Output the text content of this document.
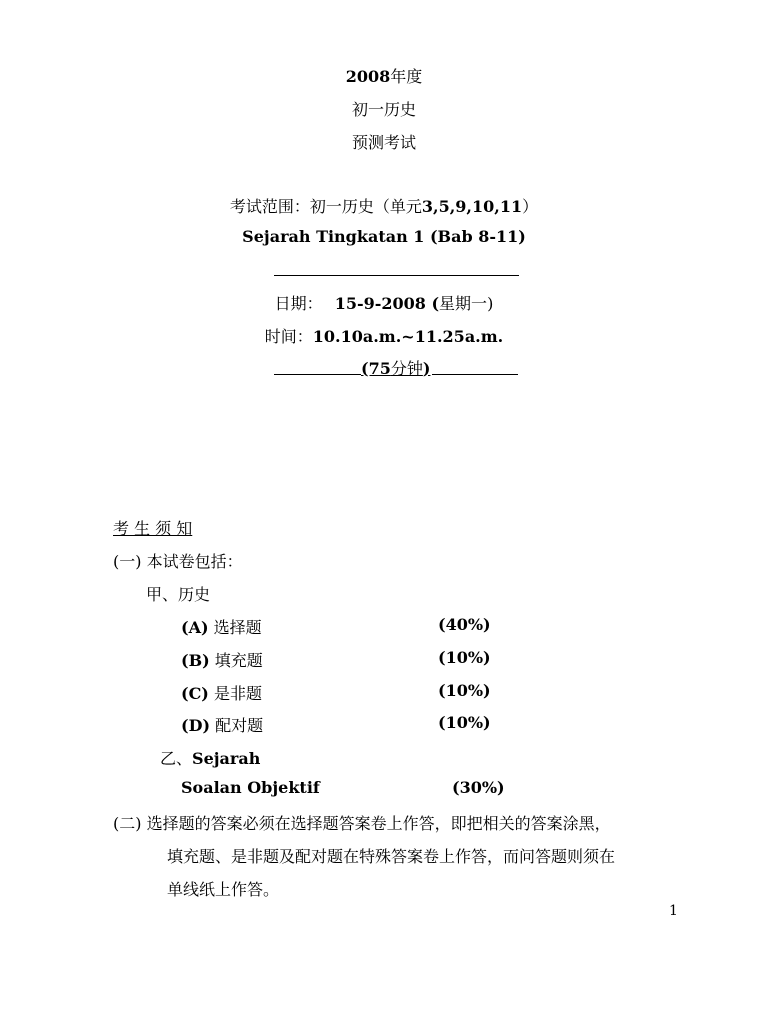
2008年度
初一历史
预测考试
考试范围：初一历史（单元3,5,9,10,11）
Sejarah Tingkatan 1 (Bab 8-11)
日期： 15-9-2008 (星期一)
时间：10.10a.m.~11.25a.m.
(75分钟)
考 生 须 知
(一) 本试卷包括：
甲、历史
(A) 选择题	(40%)
(B) 填充题	(10%)
(C) 是非题	(10%)
(D) 配对题	(10%)
乙、Sejarah
Soalan Objektif	(30%)
(二) 选择题的答案必须在选择题答案卷上作答，即把相关的答案涂黑，
填充题、是非题及配对题在特殊答案卷上作答，而问答题则须在
单线纸上作答。
1
